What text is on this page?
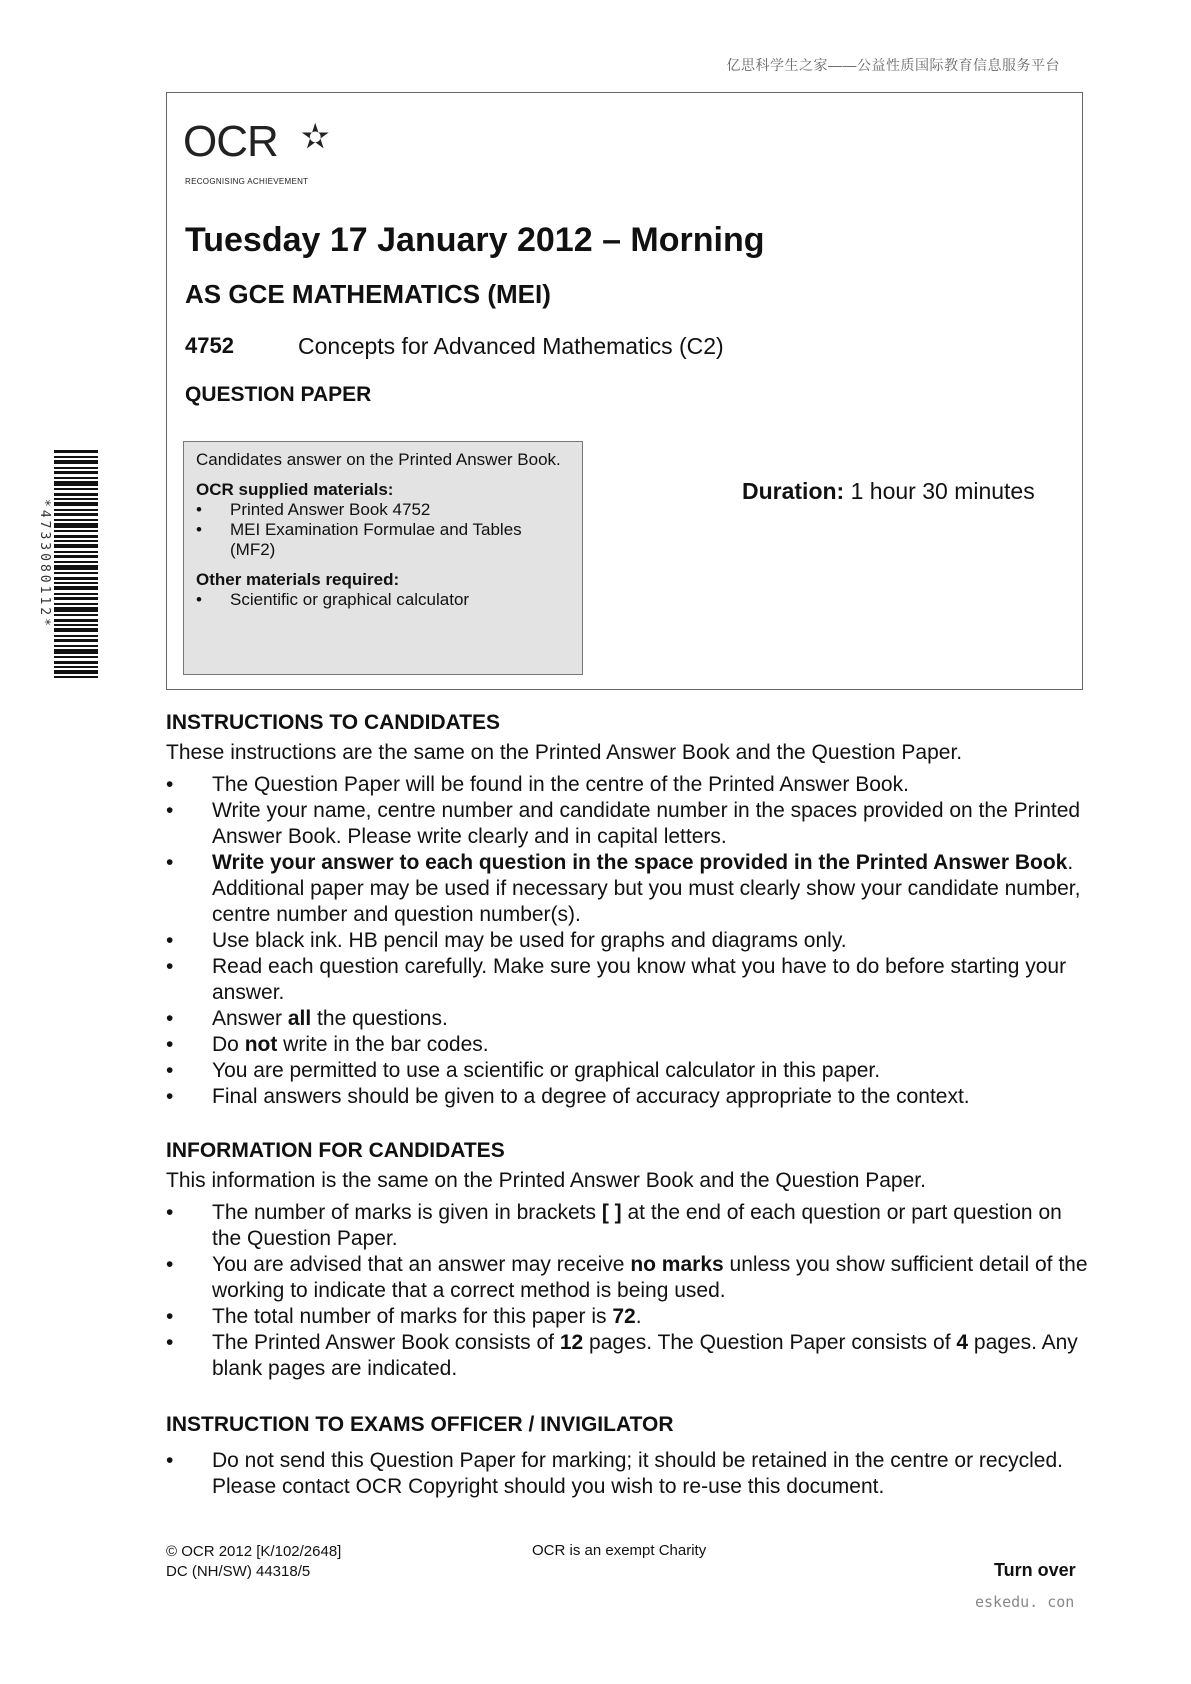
亿思科学生之家——公益性质国际教育信息服务平台
OCR ✫
RECOGNISING ACHIEVEMENT
Tuesday 17 January 2012 – Morning
AS GCE MATHEMATICS (MEI)
4752	Concepts for Advanced Mathematics (C2)
QUESTION PAPER

Candidates answer on the Printed Answer Book.

OCR supplied materials:

• Printed Answer Book 4752
• MEI Examination Formulae and Tables (MF2)

Other materials required:

• Scientific or graphical calculator
Duration: 1 hour 30 minutes
*4733080112*
INSTRUCTIONS TO CANDIDATES
These instructions are the same on the Printed Answer Book and the Question Paper.
• The Question Paper will be found in the centre of the Printed Answer Book.
• Write your name, centre number and candidate number in the spaces provided on the Printed Answer Book. Please write clearly and in capital letters.
• Write your answer to each question in the space provided in the Printed Answer Book. Additional paper may be used if necessary but you must clearly show your candidate number, centre number and question number(s).
• Use black ink. HB pencil may be used for graphs and diagrams only.
• Read each question carefully. Make sure you know what you have to do before starting your answer.
• Answer all the questions.
• Do not write in the bar codes.
• You are permitted to use a scientific or graphical calculator in this paper.
• Final answers should be given to a degree of accuracy appropriate to the context.
INFORMATION FOR CANDIDATES
This information is the same on the Printed Answer Book and the Question Paper.
• The number of marks is given in brackets [ ] at the end of each question or part question on the Question Paper.
• You are advised that an answer may receive no marks unless you show sufficient detail of the working to indicate that a correct method is being used.
• The total number of marks for this paper is 72.
• The Printed Answer Book consists of 12 pages. The Question Paper consists of 4 pages. Any blank pages are indicated.
INSTRUCTION TO EXAMS OFFICER / INVIGILATOR
• Do not send this Question Paper for marking; it should be retained in the centre or recycled. Please contact OCR Copyright should you wish to re-use this document.
© OCR 2012 [K/102/2648]
DC (NH/SW) 44318/5
OCR is an exempt Charity
Turn over
eskedu. con
